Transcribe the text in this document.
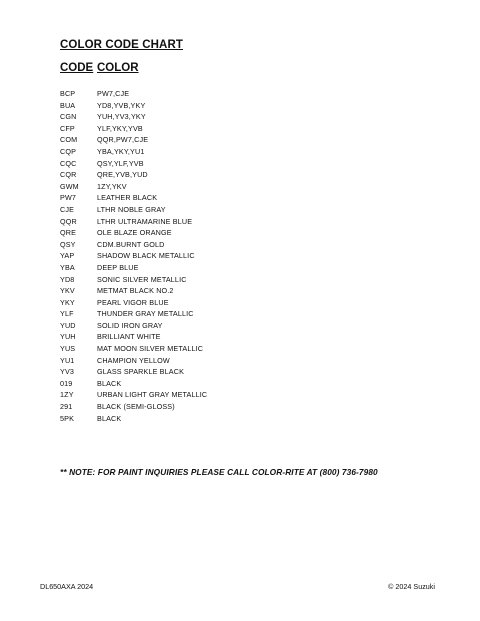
COLOR CODE CHART
CODE COLOR
BCP	PW7,CJE
BUA	YD8,YVB,YKY
CGN	YUH,YV3,YKY
CFP	YLF,YKY,YVB
COM	QQR,PW7,CJE
CQP	YBA,YKY,YU1
CQC	QSY,YLF,YVB
CQR	QRE,YVB,YUD
GWM	1ZY,YKV
PW7	LEATHER BLACK
CJE	LTHR NOBLE GRAY
QQR	LTHR ULTRAMARINE BLUE
QRE	OLE BLAZE ORANGE
QSY	CDM.BURNT GOLD
YAP	SHADOW BLACK METALLIC
YBA	DEEP BLUE
YD8	SONIC SILVER METALLIC
YKV	METMAT BLACK NO.2
YKY	PEARL VIGOR BLUE
YLF	THUNDER GRAY METALLIC
YUD	SOLID IRON GRAY
YUH	BRILLIANT WHITE
YUS	MAT MOON SILVER METALLIC
YU1	CHAMPION YELLOW
YV3	GLASS SPARKLE BLACK
019	BLACK
1ZY	URBAN LIGHT GRAY METALLIC
291	BLACK (SEMI-GLOSS)
5PK	BLACK
** NOTE: FOR PAINT INQUIRIES PLEASE CALL COLOR-RITE AT (800) 736-7980
DL650AXA 2024	© 2024 Suzuki
